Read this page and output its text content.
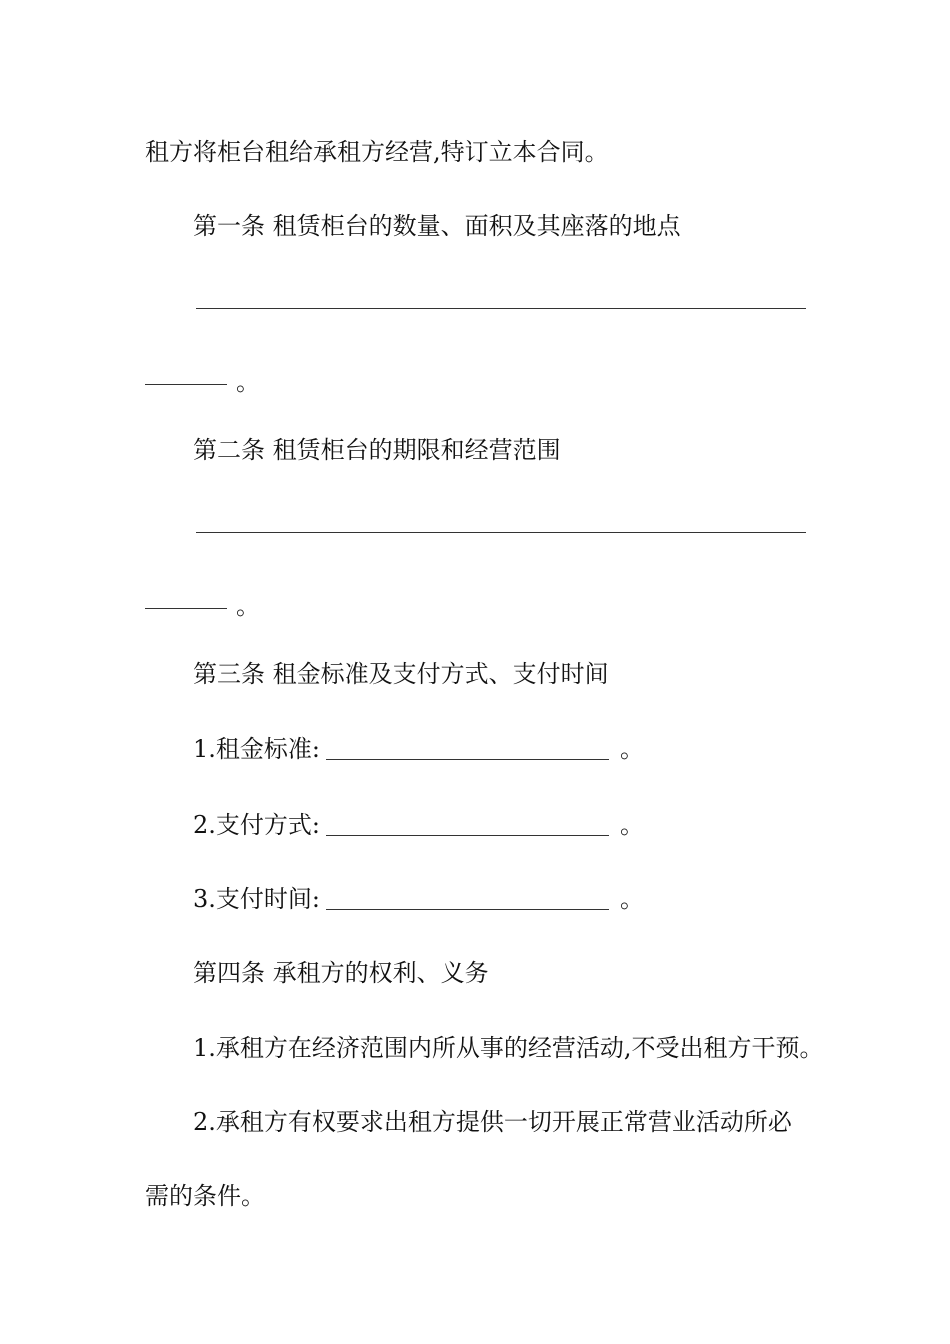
租方将柜台租给承租方经营,特订立本合同。
第一条 租赁柜台的数量、面积及其座落的地点
。
第二条 租赁柜台的期限和经营范围
。
第三条 租金标准及支付方式、支付时间
1.租金标准:	。
2.支付方式:	。
3.支付时间:	。
第四条 承租方的权利、义务
1.承租方在经济范围内所从事的经营活动,不受出租方干预。
2.承租方有权要求出租方提供一切开展正常营业活动所必
需的条件。
